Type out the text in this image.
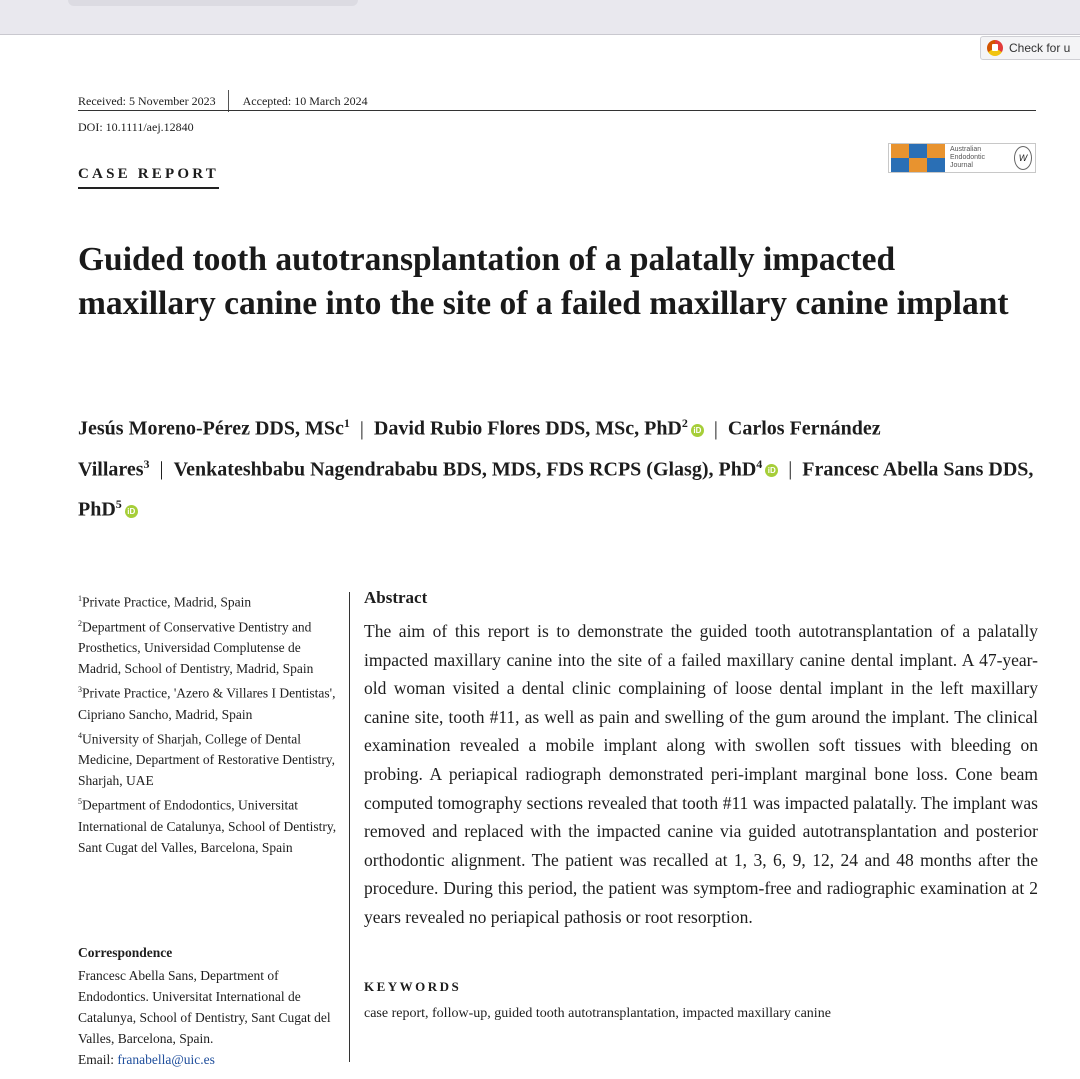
Check for u
Received: 5 November 2023 Accepted: 10 March 2024
DOI: 10.1111/aej.12840
CASE REPORT
Australian Endodontic Journal
W
Guided tooth autotransplantation of a palatally impacted maxillary canine into the site of a failed maxillary canine implant
Jesús Moreno-Pérez DDS, MSc$^1$ | David Rubio Flores DDS, MSc, PhD$^2$iD | Carlos Fernández Villares$^3$ | Venkateshbabu Nagendrababu BDS, MDS, FDS RCPS (Glasg), PhD$^4$iD | Francesc Abella Sans DDS, PhD$^5$iD

$^1$Private Practice, Madrid, Spain

$^2$Department of Conservative Dentistry and Prosthetics, Universidad Complutense de Madrid, School of Dentistry, Madrid, Spain

$^3$Private Practice, 'Azero & Villares I Dentistas', Cipriano Sancho, Madrid, Spain

$^4$University of Sharjah, College of Dental Medicine, Department of Restorative Dentistry, Sharjah, UAE

$^5$Department of Endodontics, Universitat International de Catalunya, School of Dentistry, Sant Cugat del Valles, Barcelona, Spain

Correspondence

Francesc Abella Sans, Department of Endodontics. Universitat International de Catalunya, School of Dentistry, Sant Cugat del Valles, Barcelona, Spain.

Email: franabella@uic.es

Abstract
The aim of this report is to demonstrate the guided tooth autotransplantation of a palatally impacted maxillary canine into the site of a failed maxillary canine dental implant. A 47-year-old woman visited a dental clinic complaining of loose dental implant in the left maxillary canine site, tooth #11, as well as pain and swelling of the gum around the implant. The clinical examination revealed a mobile implant along with swollen soft tissues with bleeding on probing. A periapical radiograph demonstrated peri-implant marginal bone loss. Cone beam computed tomography sections revealed that tooth #11 was impacted palatally. The implant was removed and replaced with the impacted canine via guided autotransplantation and posterior orthodontic alignment. The patient was recalled at 1, 3, 6, 9, 12, 24 and 48 months after the procedure. During this period, the patient was symptom-free and radiographic examination at 2 years revealed no periapical pathosis or root resorption.
KEYWORDS
case report, follow-up, guided tooth autotransplantation, impacted maxillary canine
